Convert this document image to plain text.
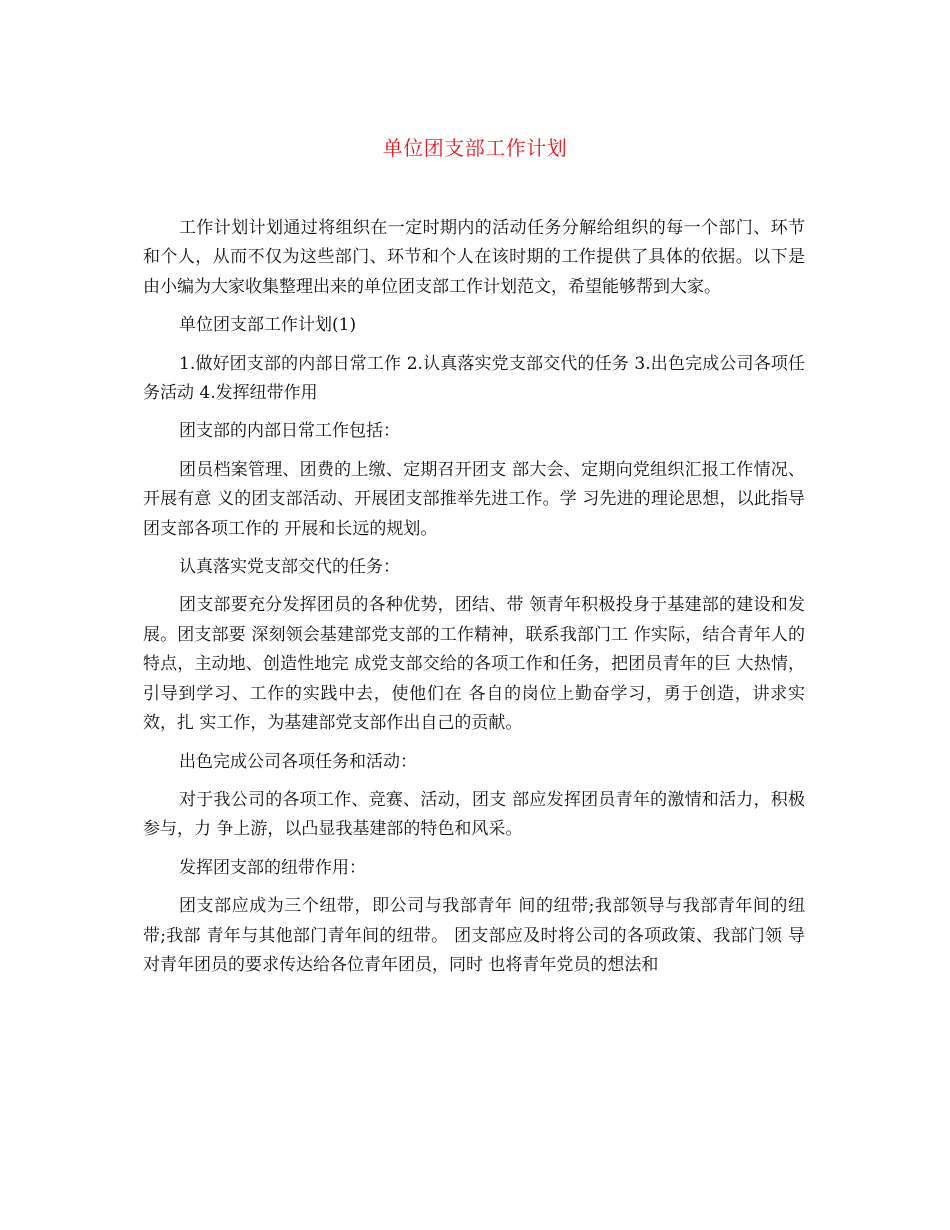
单位团支部工作计划

工作计划计划通过将组织在一定时期内的活动任务分解给组织的每一个部门、环节和个人，从而不仅为这些部门、环节和个人在该时期的工作提供了具体的依据。以下是由小编为大家收集整理出来的单位团支部工作计划范文，希望能够帮到大家。

单位团支部工作计划(1)

1.做好团支部的内部日常工作 2.认真落实党支部交代的任务 3.出色完成公司各项任务活动 4.发挥纽带作用

团支部的内部日常工作包括：

团员档案管理、团费的上缴、定期召开团支 部大会、定期向党组织汇报工作情况、开展有意 义的团支部活动、开展团支部推举先进工作。学 习先进的理论思想，以此指导团支部各项工作的 开展和长远的规划。

认真落实党支部交代的任务：

团支部要充分发挥团员的各种优势，团结、带 领青年积极投身于基建部的建设和发展。团支部要 深刻领会基建部党支部的工作精神，联系我部门工 作实际，结合青年人的特点，主动地、创造性地完 成党支部交给的各项工作和任务，把团员青年的巨 大热情，引导到学习、工作的实践中去，使他们在 各自的岗位上勤奋学习，勇于创造，讲求实效，扎 实工作，为基建部党支部作出自己的贡献。

出色完成公司各项任务和活动：

对于我公司的各项工作、竞赛、活动，团支 部应发挥团员青年的激情和活力，积极参与，力 争上游，以凸显我基建部的特色和风采。

发挥团支部的纽带作用：

团支部应成为三个纽带，即公司与我部青年 间的纽带;我部领导与我部青年间的纽带;我部 青年与其他部门青年间的纽带。 团支部应及时将公司的各项政策、我部门领 导对青年团员的要求传达给各位青年团员，同时 也将青年党员的想法和
